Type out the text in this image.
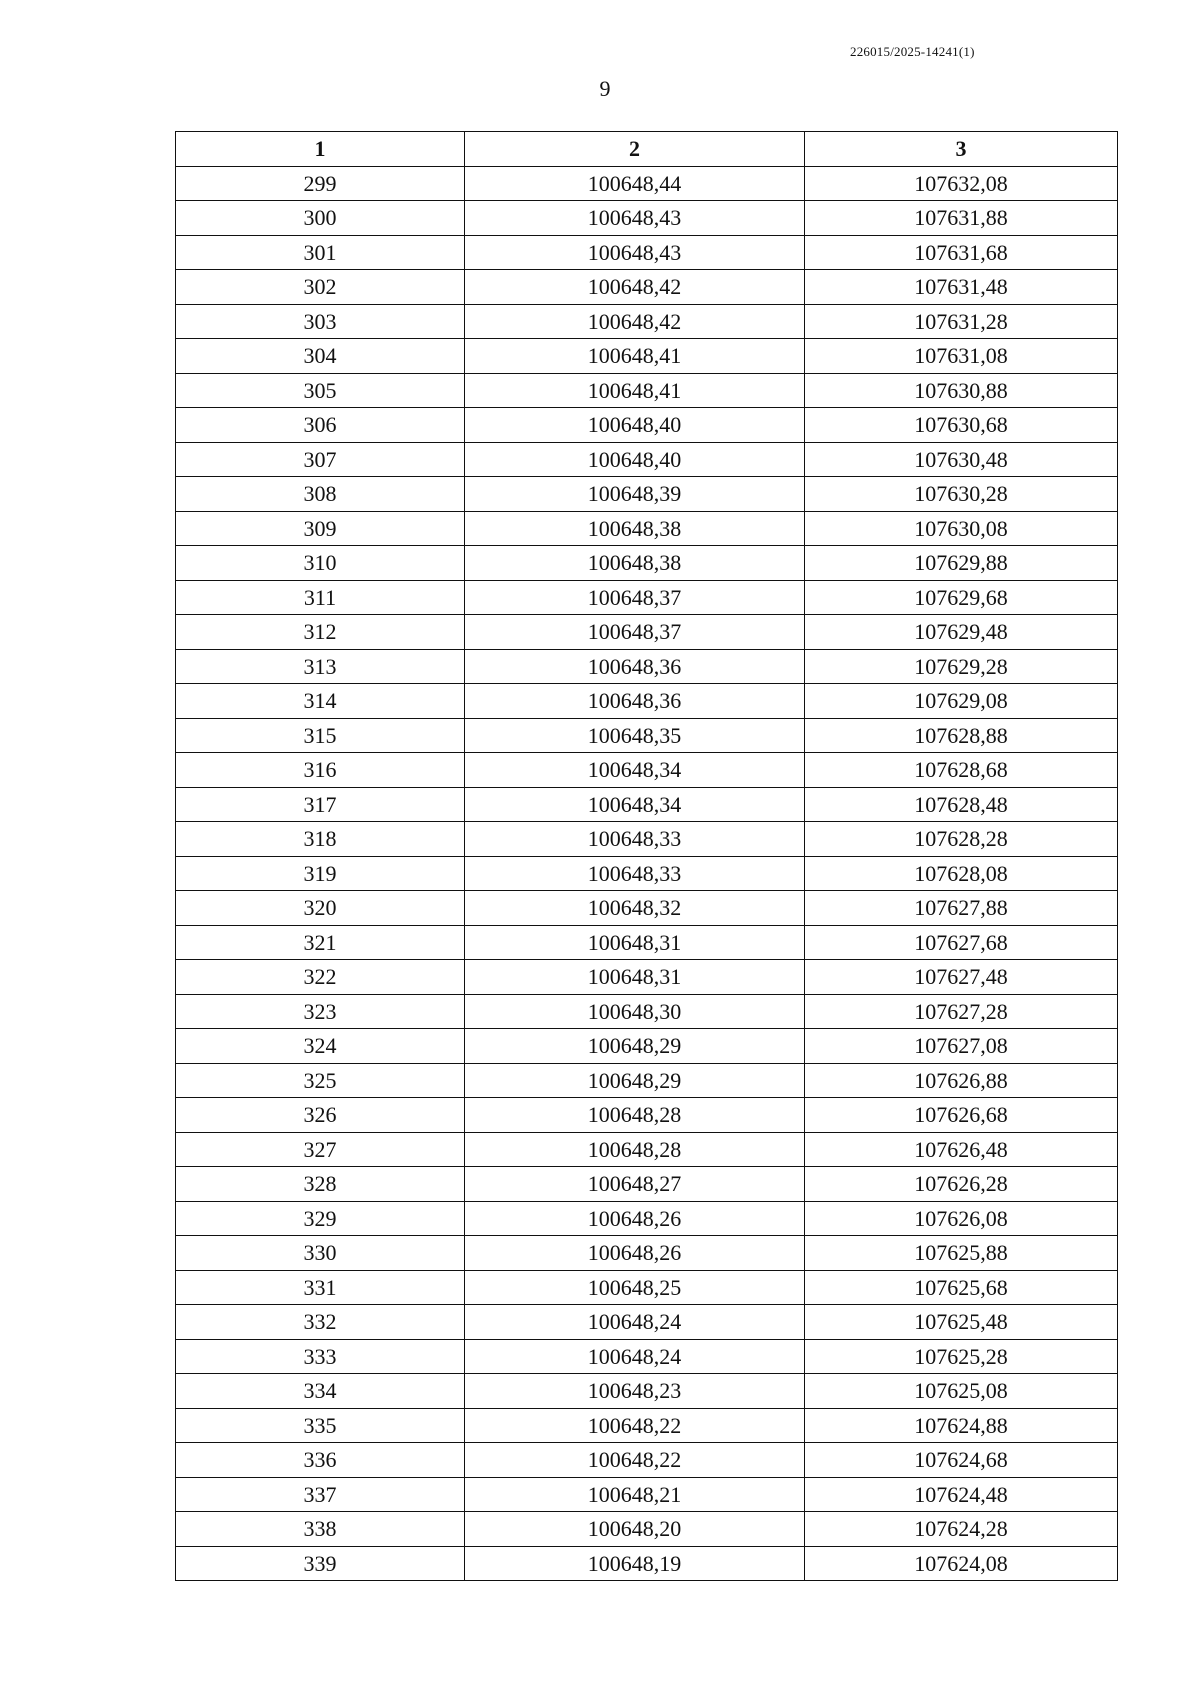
226015/2025-14241(1)
9
1	2	3
299	100648,44	107632,08
300	100648,43	107631,88
301	100648,43	107631,68
302	100648,42	107631,48
303	100648,42	107631,28
304	100648,41	107631,08
305	100648,41	107630,88
306	100648,40	107630,68
307	100648,40	107630,48
308	100648,39	107630,28
309	100648,38	107630,08
310	100648,38	107629,88
311	100648,37	107629,68
312	100648,37	107629,48
313	100648,36	107629,28
314	100648,36	107629,08
315	100648,35	107628,88
316	100648,34	107628,68
317	100648,34	107628,48
318	100648,33	107628,28
319	100648,33	107628,08
320	100648,32	107627,88
321	100648,31	107627,68
322	100648,31	107627,48
323	100648,30	107627,28
324	100648,29	107627,08
325	100648,29	107626,88
326	100648,28	107626,68
327	100648,28	107626,48
328	100648,27	107626,28
329	100648,26	107626,08
330	100648,26	107625,88
331	100648,25	107625,68
332	100648,24	107625,48
333	100648,24	107625,28
334	100648,23	107625,08
335	100648,22	107624,88
336	100648,22	107624,68
337	100648,21	107624,48
338	100648,20	107624,28
339	100648,19	107624,08
